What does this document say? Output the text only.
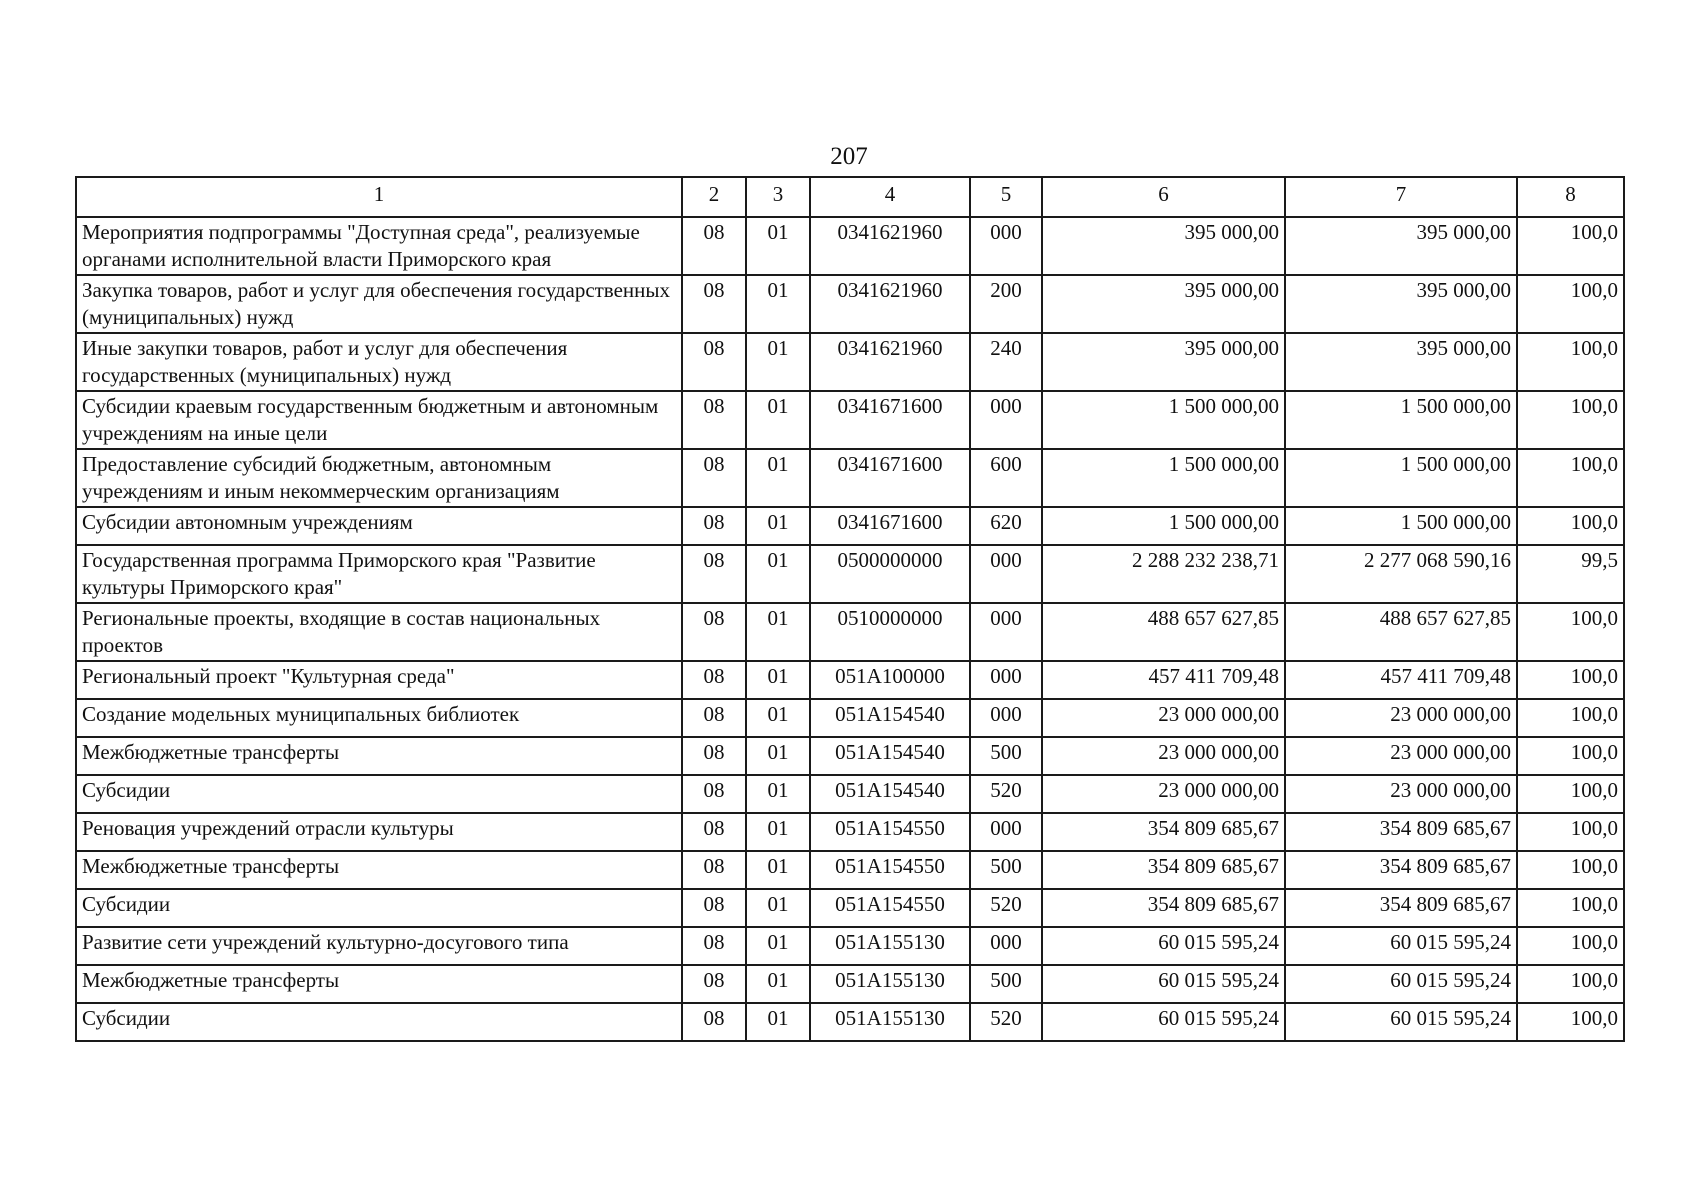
207
1	2	3	4	5	6	7	8
Мероприятия подпрограммы "Доступная среда", реализуемые органами исполнительной власти Приморского края	08	01	0341621960	000	395 000,00	395 000,00	100,0
Закупка товаров, работ и услуг для обеспечения государственных (муниципальных) нужд	08	01	0341621960	200	395 000,00	395 000,00	100,0
Иные закупки товаров, работ и услуг для обеспечения государственных (муниципальных) нужд	08	01	0341621960	240	395 000,00	395 000,00	100,0
Субсидии краевым государственным бюджетным и автономным учреждениям на иные цели	08	01	0341671600	000	1 500 000,00	1 500 000,00	100,0
Предоставление субсидий бюджетным, автономным учреждениям и иным некоммерческим организациям	08	01	0341671600	600	1 500 000,00	1 500 000,00	100,0
Субсидии автономным учреждениям	08	01	0341671600	620	1 500 000,00	1 500 000,00	100,0
Государственная программа Приморского края "Развитие культуры Приморского края"	08	01	0500000000	000	2 288 232 238,71	2 277 068 590,16	99,5
Региональные проекты, входящие в состав национальных проектов	08	01	0510000000	000	488 657 627,85	488 657 627,85	100,0
Региональный проект "Культурная среда"	08	01	051A100000	000	457 411 709,48	457 411 709,48	100,0
Создание модельных муниципальных библиотек	08	01	051A154540	000	23 000 000,00	23 000 000,00	100,0
Межбюджетные трансферты	08	01	051A154540	500	23 000 000,00	23 000 000,00	100,0
Субсидии	08	01	051A154540	520	23 000 000,00	23 000 000,00	100,0
Реновация учреждений отрасли культуры	08	01	051A154550	000	354 809 685,67	354 809 685,67	100,0
Межбюджетные трансферты	08	01	051A154550	500	354 809 685,67	354 809 685,67	100,0
Субсидии	08	01	051A154550	520	354 809 685,67	354 809 685,67	100,0
Развитие сети учреждений культурно-досугового типа	08	01	051A155130	000	60 015 595,24	60 015 595,24	100,0
Межбюджетные трансферты	08	01	051A155130	500	60 015 595,24	60 015 595,24	100,0
Субсидии	08	01	051A155130	520	60 015 595,24	60 015 595,24	100,0
